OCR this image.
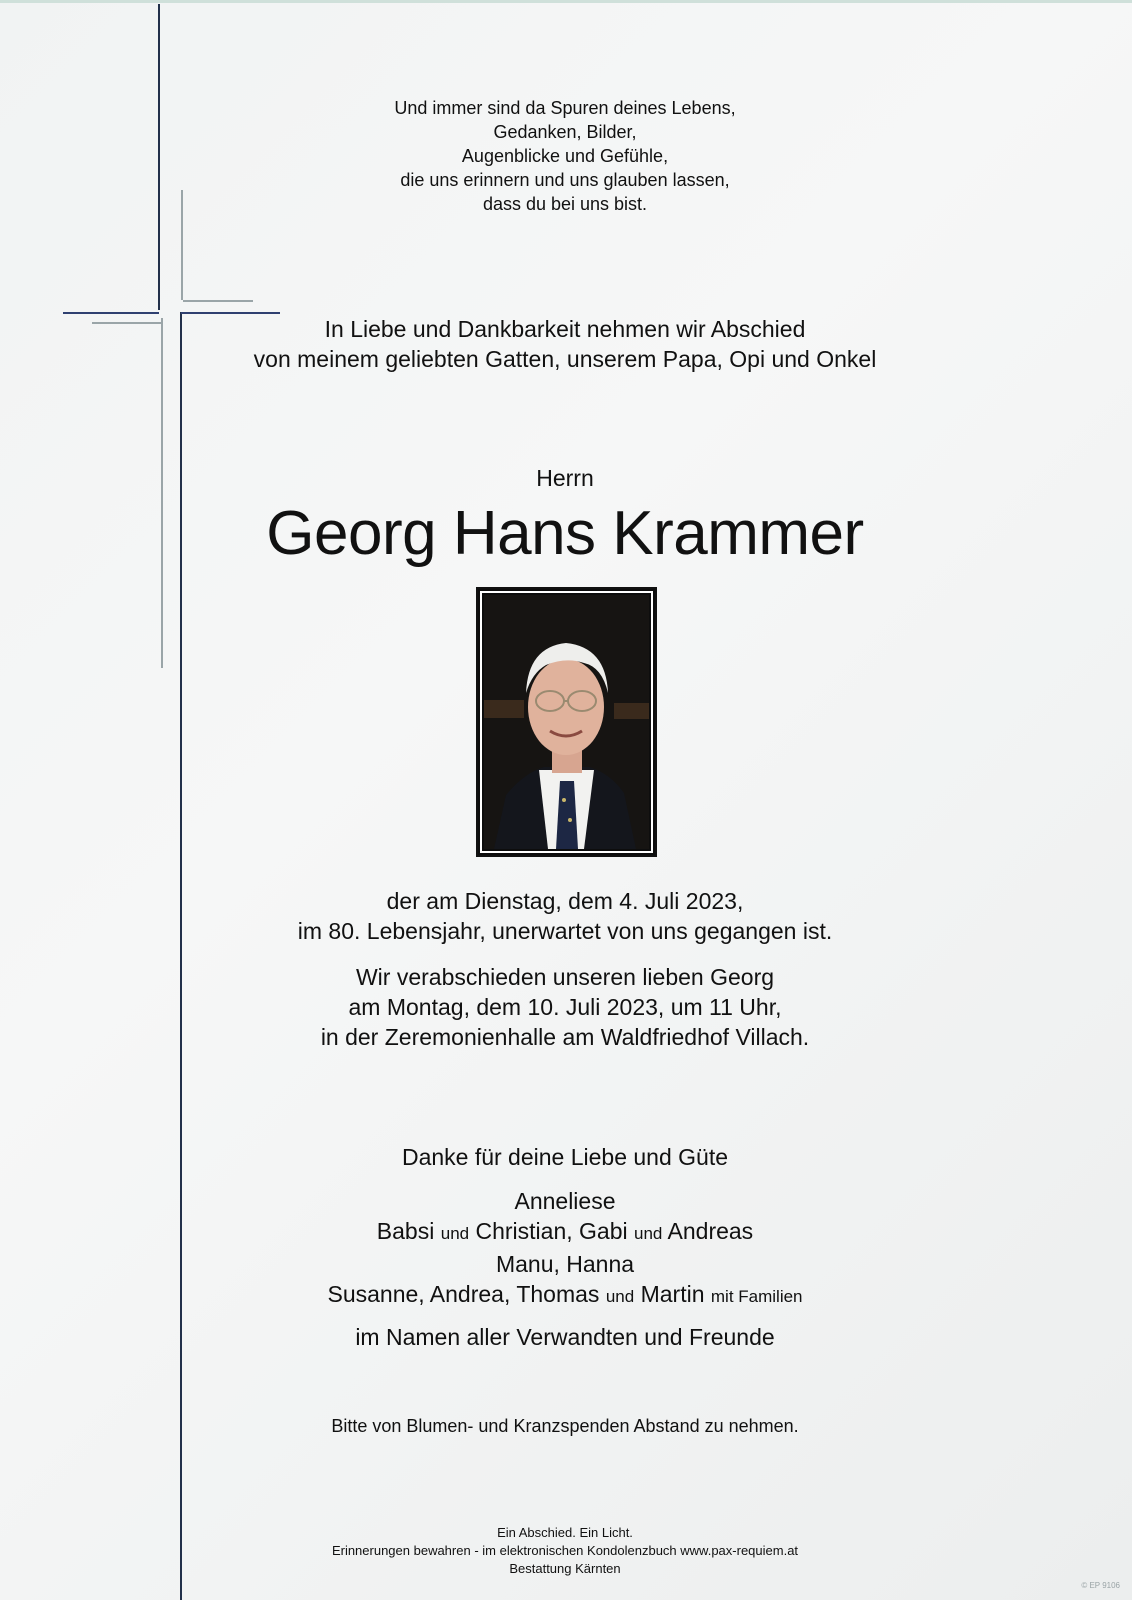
Und immer sind da Spuren deines Lebens,
Gedanken, Bilder,
Augenblicke und Gefühle,
die uns erinnern und uns glauben lassen,
dass du bei uns bist.
In Liebe und Dankbarkeit nehmen wir Abschied
von meinem geliebten Gatten, unserem Papa, Opi und Onkel
Herrn
Georg Hans Krammer
der am Dienstag, dem 4. Juli 2023,
im 80. Lebensjahr, unerwartet von uns gegangen ist.
Wir verabschieden unseren lieben Georg
am Montag, dem 10. Juli 2023, um 11 Uhr,
in der Zeremonienhalle am Waldfriedhof Villach.
Danke für deine Liebe und Güte
Anneliese
Babsi und Christian, Gabi und Andreas
Manu, Hanna
Susanne, Andrea, Thomas und Martin mit Familien
im Namen aller Verwandten und Freunde
Bitte von Blumen- und Kranzspenden Abstand zu nehmen.
Ein Abschied. Ein Licht.
Erinnerungen bewahren - im elektronischen Kondolenzbuch www.pax-requiem.at
Bestattung Kärnten
© EP 9106
